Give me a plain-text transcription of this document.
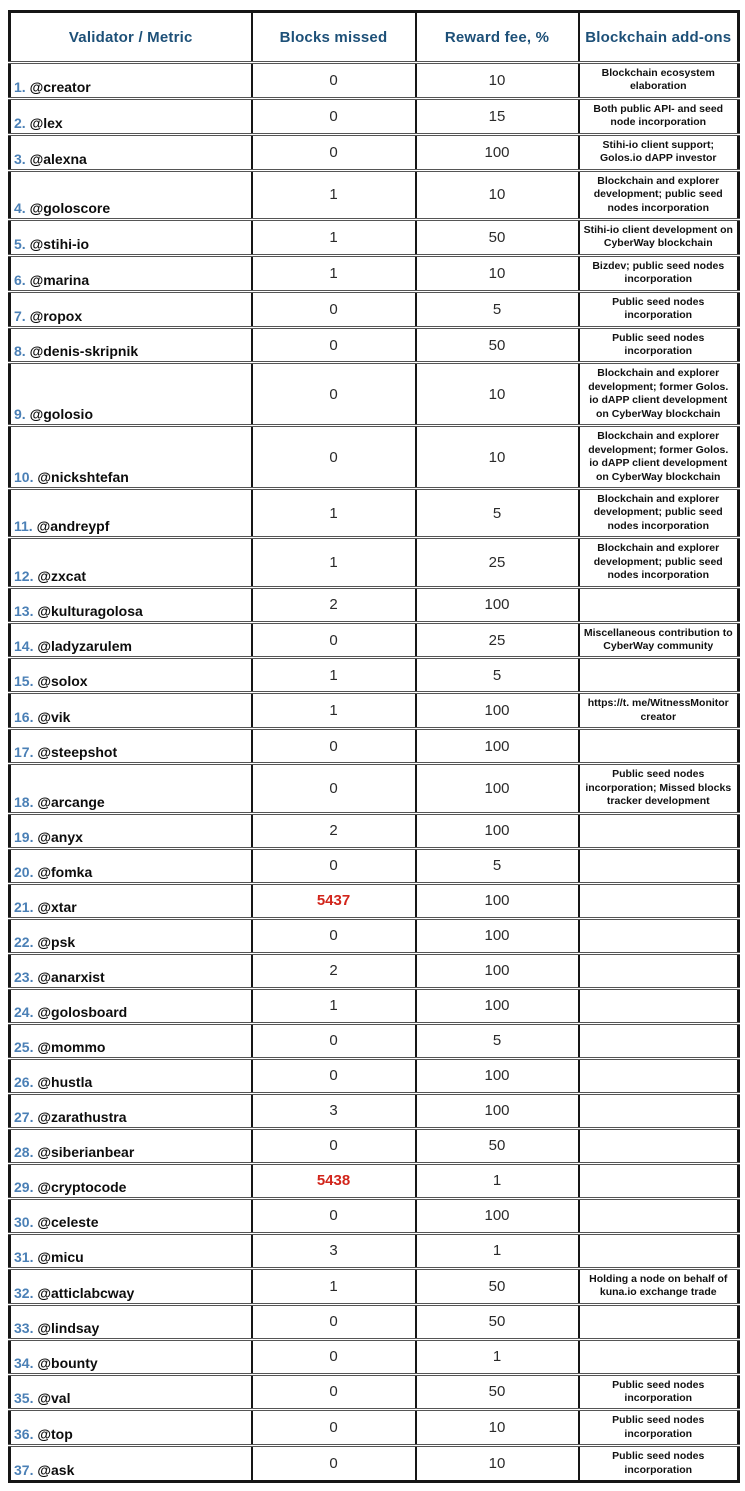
Validator / Metric	Blocks missed	Reward fee, %	Blockchain add-ons
1. @creator	0	10	Blockchain ecosystem elaboration
2. @lex	0	15	Both public API- and seed node incorporation
3. @alexna	0	100	Stihi-io client support; Golos.io dAPP investor
4. @goloscore	1	10	Blockchain and explorer development; public seed nodes incorporation
5. @stihi-io	1	50	Stihi-io client development on CyberWay blockchain
6. @marina	1	10	Bizdev; public seed nodes incorporation
7. @ropox	0	5	Public seed nodes incorporation
8. @denis-skripnik	0	50	Public seed nodes incorporation
9. @golosio	0	10	Blockchain and explorer development; former Golos. io dAPP client development on CyberWay blockchain
10. @nickshtefan	0	10	Blockchain and explorer development; former Golos. io dAPP client development on CyberWay blockchain
11. @andreypf	1	5	Blockchain and explorer development; public seed nodes incorporation
12. @zxcat	1	25	Blockchain and explorer development; public seed nodes incorporation
13. @kulturagolosa	2	100	
14. @ladyzarulem	0	25	Miscellaneous contribution to CyberWay community
15. @solox	1	5	
16. @vik	1	100	https://t. me/WitnessMonitor creator
17. @steepshot	0	100	
18. @arcange	0	100	Public seed nodes incorporation; Missed blocks tracker development
19. @anyx	2	100	
20. @fomka	0	5	
21. @xtar	5437	100	
22. @psk	0	100	
23. @anarxist	2	100	
24. @golosboard	1	100	
25. @mommo	0	5	
26. @hustla	0	100	
27. @zarathustra	3	100	
28. @siberianbear	0	50	
29. @cryptocode	5438	1	
30. @celeste	0	100	
31. @micu	3	1	
32. @atticlabcway	1	50	Holding a node on behalf of kuna.io exchange trade
33. @lindsay	0	50	
34. @bounty	0	1	
35. @val	0	50	Public seed nodes incorporation
36. @top	0	10	Public seed nodes incorporation
37. @ask	0	10	Public seed nodes incorporation
